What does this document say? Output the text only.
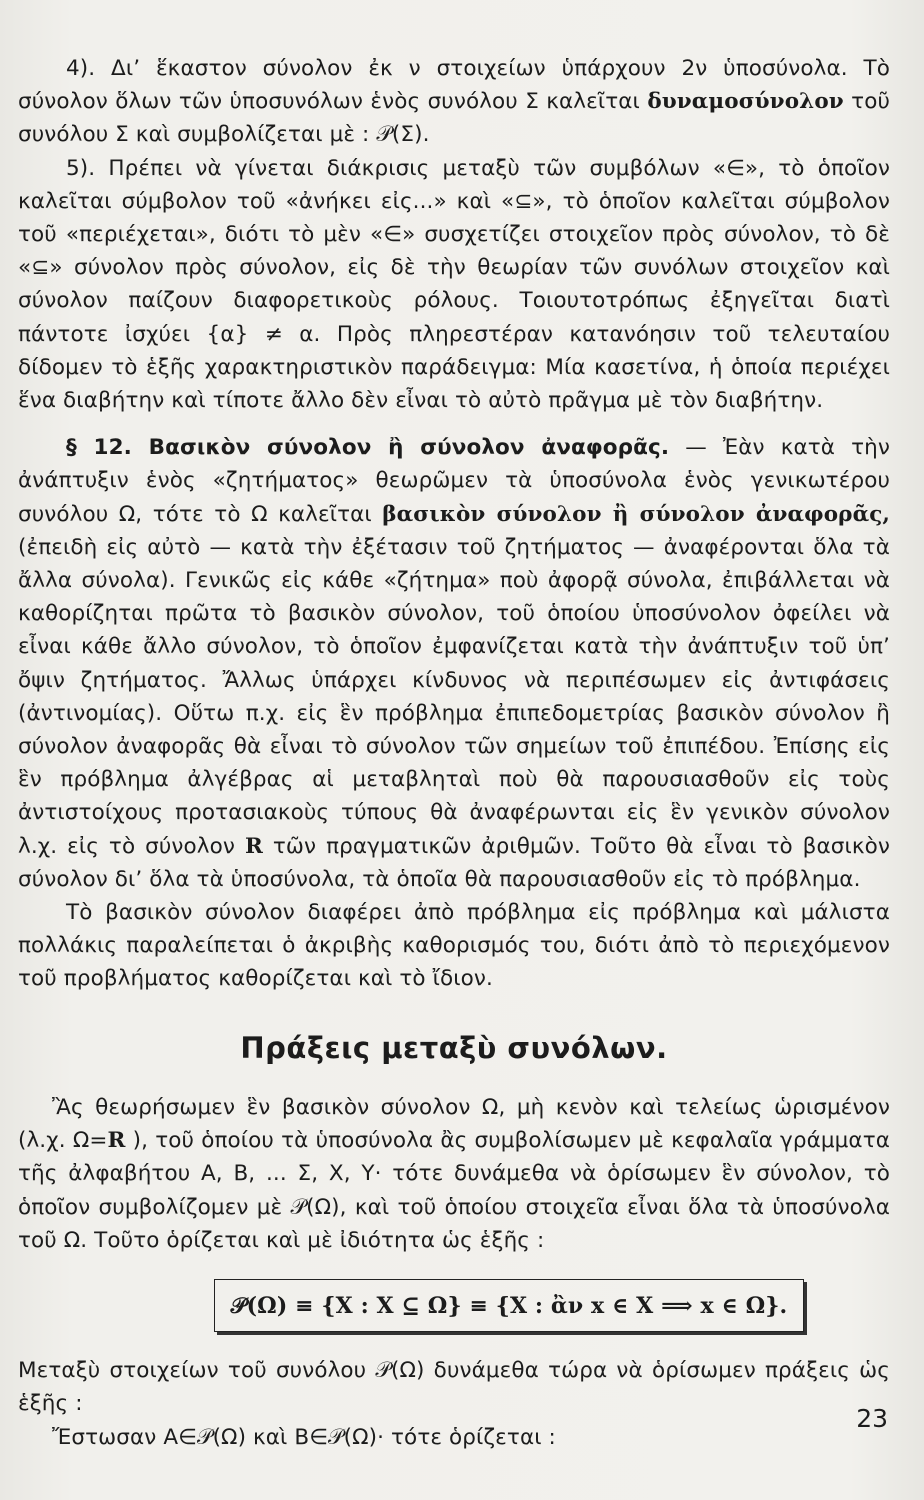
4). Δι’ ἕκαστον σύνολον ἐκ ν στοιχείων ὑπάρχουν 2ν ὑποσύνολα. Τὸ σύνολον ὅλων τῶν ὑποσυνόλων ἑνὸς συνόλου Σ καλεῖται δυναμοσύνολον τοῦ συνόλου Σ καὶ συμβολίζεται μὲ : 𝒫(Σ).

5). Πρέπει νὰ γίνεται διάκρισις μεταξὺ τῶν συμβόλων «∈», τὸ ὁποῖον καλεῖται σύμβολον τοῦ «ἀνήκει εἰς...» καὶ «⊆», τὸ ὁποῖον καλεῖται σύμβολον τοῦ «περιέχεται», διότι τὸ μὲν «∈» συσχετίζει στοιχεῖον πρὸς σύνολον, τὸ δὲ «⊆» σύνολον πρὸς σύνολον, εἰς δὲ τὴν θεωρίαν τῶν συνόλων στοιχεῖον καὶ σύνολον παίζουν διαφορετικοὺς ρόλους. Τοιουτοτρόπως ἐξηγεῖται διατὶ πάντοτε ἰσχύει {α} ≠ α. Πρὸς πληρεστέραν κατανόησιν τοῦ τελευταίου δίδομεν τὸ ἑξῆς χαρακτηριστικὸν παράδειγμα: Μία κασετίνα, ἡ ὁποία περιέχει ἕνα διαβήτην καὶ τίποτε ἄλλο δὲν εἶναι τὸ αὐτὸ πρᾶγμα μὲ τὸν διαβήτην.

§ 12. Βασικὸν σύνολον ἢ σύνολον ἀναφορᾶς. — Ἐὰν κατὰ τὴν ἀνάπτυξιν ἑνὸς «ζητήματος» θεωρῶμεν τὰ ὑποσύνολα ἑνὸς γενικωτέρου συνόλου Ω, τότε τὸ Ω καλεῖται βασικὸν σύνολον ἢ σύνολον ἀναφορᾶς, (ἐπειδὴ εἰς αὐτὸ — κατὰ τὴν ἐξέτασιν τοῦ ζητήματος — ἀναφέρονται ὅλα τὰ ἄλλα σύνολα). Γενικῶς εἰς κάθε «ζήτημα» ποὺ ἀφορᾷ σύνολα, ἐπιβάλλεται νὰ καθορίζηται πρῶτα τὸ βασικὸν σύνολον, τοῦ ὁποίου ὑποσύνολον ὀφείλει νὰ εἶναι κάθε ἄλλο σύνολον, τὸ ὁποῖον ἐμφανίζεται κατὰ τὴν ἀνάπτυξιν τοῦ ὑπ’ ὄψιν ζητήματος. Ἄλλως ὑπάρχει κίνδυνος νὰ περιπέσωμεν εἰς ἀντιφάσεις (ἀντινομίας). Οὕτω π.χ. εἰς ἓν πρόβλημα ἐπιπεδομετρίας βασικὸν σύνολον ἢ σύνολον ἀναφορᾶς θὰ εἶναι τὸ σύνολον τῶν σημείων τοῦ ἐπιπέδου. Ἐπίσης εἰς ἓν πρόβλημα ἀλγέβρας αἱ μεταβληταὶ ποὺ θὰ παρουσιασθοῦν εἰς τοὺς ἀντιστοίχους προτασιακοὺς τύπους θὰ ἀναφέρωνται εἰς ἓν γενικὸν σύνολον λ.χ. εἰς τὸ σύνολον R τῶν πραγματικῶν ἀριθμῶν. Τοῦτο θὰ εἶναι τὸ βασικὸν σύνολον δι’ ὅλα τὰ ὑποσύνολα, τὰ ὁποῖα θὰ παρουσιασθοῦν εἰς τὸ πρόβλημα.

Τὸ βασικὸν σύνολον διαφέρει ἀπὸ πρόβλημα εἰς πρόβλημα καὶ μάλιστα πολλάκις παραλείπεται ὁ ἀκριβὴς καθορισμός του, διότι ἀπὸ τὸ περιεχόμενον τοῦ προβλήματος καθορίζεται καὶ τὸ ἴδιον.

Πράξεις μεταξὺ συνόλων.

Ἂς θεωρήσωμεν ἓν βασικὸν σύνολον Ω, μὴ κενὸν καὶ τελείως ὡρισμένον (λ.χ. Ω=R ), τοῦ ὁποίου τὰ ὑποσύνολα ἂς συμβολίσωμεν μὲ κεφαλαῖα γράμματα τῆς ἀλφαβήτου Α, Β, ... Σ, Χ, Υ· τότε δυνάμεθα νὰ ὁρίσωμεν ἓν σύνολον, τὸ ὁποῖον συμβολίζομεν μὲ 𝒫(Ω), καὶ τοῦ ὁποίου στοιχεῖα εἶναι ὅλα τὰ ὑποσύνολα τοῦ Ω. Τοῦτο ὁρίζεται καὶ μὲ ἰδιότητα ὡς ἑξῆς :

𝒫(Ω) ≡ {X : X ⊆ Ω} ≡ {X : ἂν x ∈ X ⟹ x ∈ Ω}.

Μεταξὺ στοιχείων τοῦ συνόλου 𝒫(Ω) δυνάμεθα τώρα νὰ ὁρίσωμεν πράξεις ὡς ἑξῆς :

Ἔστωσαν Α∈𝒫(Ω) καὶ Β∈𝒫(Ω)· τότε ὁρίζεται :

23
